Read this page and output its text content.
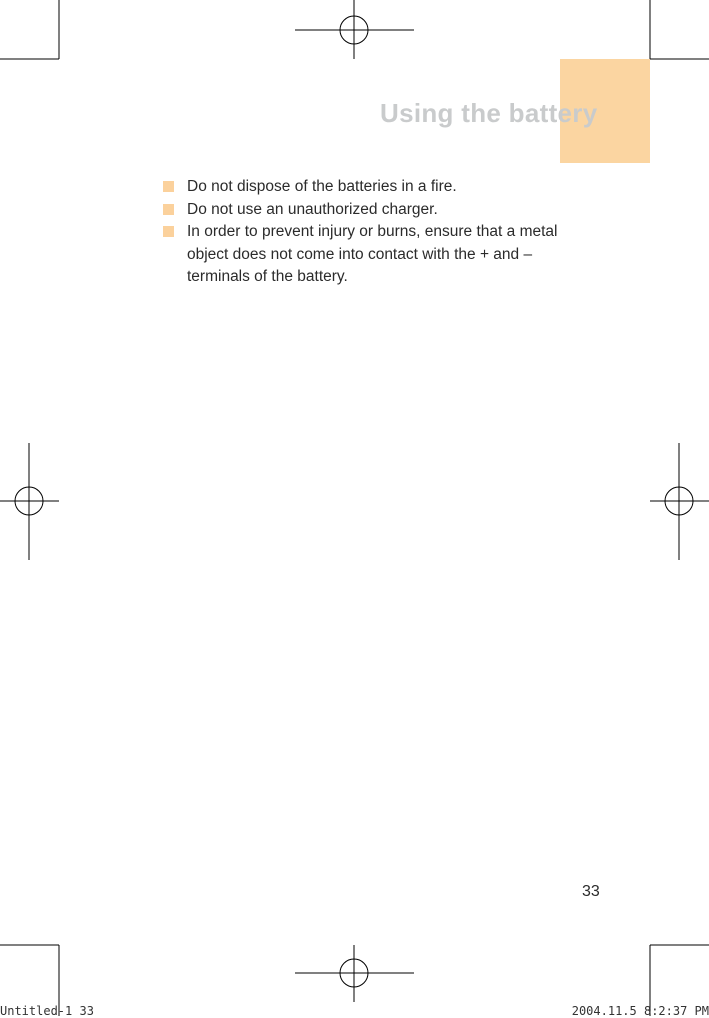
Using the battery
Do not dispose of the batteries in a fire.
Do not use an unauthorized charger.
In order to prevent injury or burns, ensure that a metal object does not come into contact with the + and – terminals of the battery.
33
Untitled-1 33	2004.11.5 8:2:37 PM
